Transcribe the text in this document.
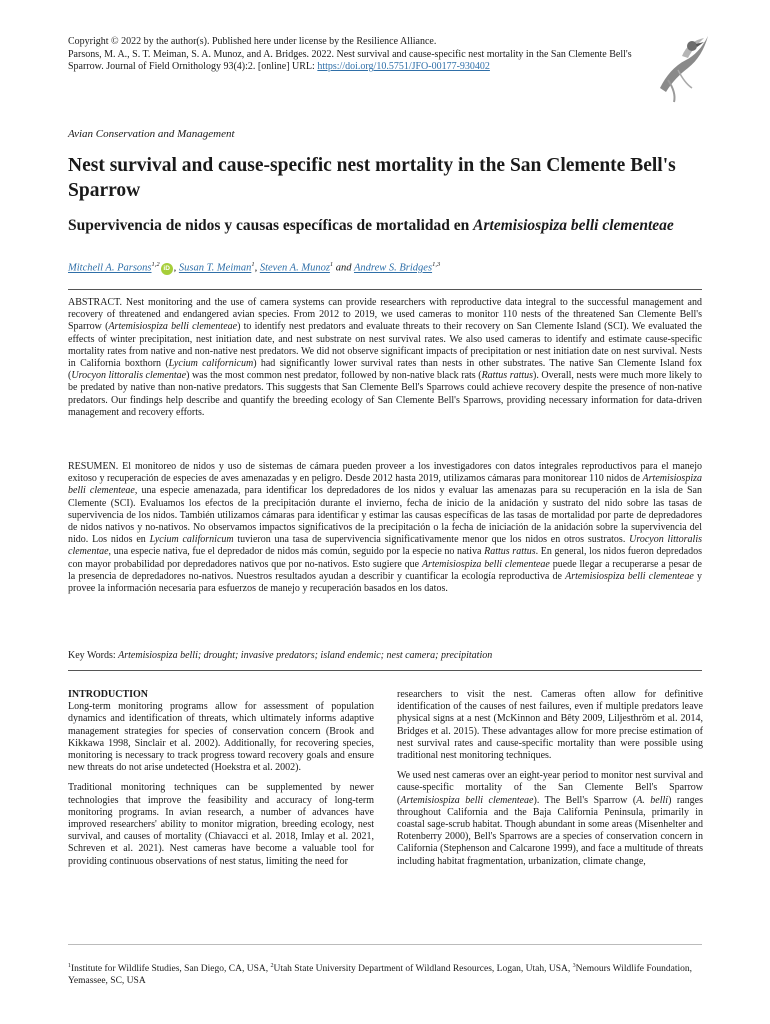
Copyright © 2022 by the author(s). Published here under license by the Resilience Alliance.
Parsons, M. A., S. T. Meiman, S. A. Munoz, and A. Bridges. 2022. Nest survival and cause-specific nest mortality in the San Clemente Bell's Sparrow. Journal of Field Ornithology 93(4):2. [online] URL: https://doi.org/10.5751/JFO-00177-930402
Avian Conservation and Management
Nest survival and cause-specific nest mortality in the San Clemente Bell's Sparrow
Supervivencia de nidos y causas específicas de mortalidad en Artemisiospiza belli clementeae
Mitchell A. Parsons$^{1,2}$ iD , Susan T. Meiman$^1$, Steven A. Munoz$^1$ and Andrew S. Bridges$^{1,3}$

ABSTRACT. Nest monitoring and the use of camera systems can provide researchers with reproductive data integral to the successful management and recovery of threatened and endangered avian species. From 2012 to 2019, we used cameras to monitor 110 nests of the threatened San Clemente Bell's Sparrow (Artemisiospiza belli clementeae) to identify nest predators and evaluate threats to their recovery on San Clemente Island (SCI). We evaluated the effects of winter precipitation, nest initiation date, and nest substrate on nest survival rates. We also used cameras to identify and estimate cause-specific mortality rates from native and non-native nest predators. We did not observe significant impacts of precipitation or nest initiation date on nest survival. Nests in California boxthorn (Lycium californicum) had significantly lower survival rates than nests in other substrates. The native San Clemente Island fox (Urocyon littoralis clementae) was the most common nest predator, followed by non-native black rats (Rattus rattus). Overall, nests were much more likely to be predated by native than non-native predators. This suggests that San Clemente Bell's Sparrows could achieve recovery despite the presence of non-native predators. Our findings help describe and quantify the breeding ecology of San Clemente Bell's Sparrows, providing necessary information for data-driven management and recovery efforts.

RESUMEN. El monitoreo de nidos y uso de sistemas de cámara pueden proveer a los investigadores con datos integrales reproductivos para el manejo exitoso y recuperación de especies de aves amenazadas y en peligro. Desde 2012 hasta 2019, utilizamos cámaras para monitorear 110 nidos de Artemisiospiza belli clementeae, una especie amenazada, para identificar los depredadores de los nidos y evaluar las amenazas para su recuperación en la isla de San Clemente (SCI). Evaluamos los efectos de la precipitación durante el invierno, fecha de inicio de la anidación y sustrato del nido sobre las tasas de supervivencia de los nidos. También utilizamos cámaras para identificar y estimar las causas específicas de las tasas de mortalidad por parte de depredadores de nidos nativos y no-nativos. No observamos impactos significativos de la precipitación o la fecha de iniciación de la anidación sobre la supervivencia del nido. Los nidos en Lycium californicum tuvieron una tasa de supervivencia significativamente menor que los nidos en otros sustratos. Urocyon littoralis clementae, una especie nativa, fue el depredador de nidos más común, seguido por la especie no nativa Rattus rattus. En general, los nidos fueron depredados con mayor probabilidad por depredadores nativos que por no-nativos. Esto sugiere que Artemisiospiza belli clementeae puede llegar a recuperarse a pesar de la presencia de depredadores no-nativos. Nuestros resultados ayudan a describir y cuantificar la ecología reproductiva de Artemisiospiza belli clementeae y provee la información necesaria para esfuerzos de manejo y recuperación basados en los datos.

Key Words: Artemisiospiza belli; drought; invasive predators; island endemic; nest camera; precipitation

INTRODUCTION

Long-term monitoring programs allow for assessment of population dynamics and identification of threats, which ultimately informs adaptive management strategies for species of conservation concern (Brook and Kikkawa 1998, Sinclair et al. 2002). Additionally, for recovering species, monitoring is necessary to track progress toward recovery goals and ensure new threats do not arise undetected (Hoekstra et al. 2002).

Traditional monitoring techniques can be supplemented by newer technologies that improve the feasibility and accuracy of long-term monitoring programs. In avian research, a number of advances have improved researchers' ability to monitor migration, breeding ecology, nest survival, and causes of mortality (Chiavacci et al. 2018, Imlay et al. 2021, Schreven et al. 2021). Nest cameras have become a valuable tool for providing continuous observations of nest status, limiting the need for

researchers to visit the nest. Cameras often allow for definitive identification of the causes of nest failures, even if multiple predators leave physical signs at a nest (McKinnon and Bêty 2009, Liljesthröm et al. 2014, Bridges et al. 2015). These advantages allow for more precise estimation of nest survival rates and cause-specific mortality than were possible using traditional nest monitoring techniques.

We used nest cameras over an eight-year period to monitor nest survival and cause-specific mortality of the San Clemente Bell's Sparrow (Artemisiospiza belli clementeae). The Bell's Sparrow (A. belli) ranges throughout California and the Baja California Peninsula, primarily in coastal sage-scrub habitat. Though abundant in some areas (Misenhelter and Rotenberry 2000), Bell's Sparrows are a species of conservation concern in California (Stephenson and Calcarone 1999), and face a multitude of threats including habitat fragmentation, urbanization, climate change,

$^1$Institute for Wildlife Studies, San Diego, CA, USA, $^2$Utah State University Department of Wildland Resources, Logan, Utah, USA, $^3$Nemours Wildlife Foundation, Yemassee, SC, USA
